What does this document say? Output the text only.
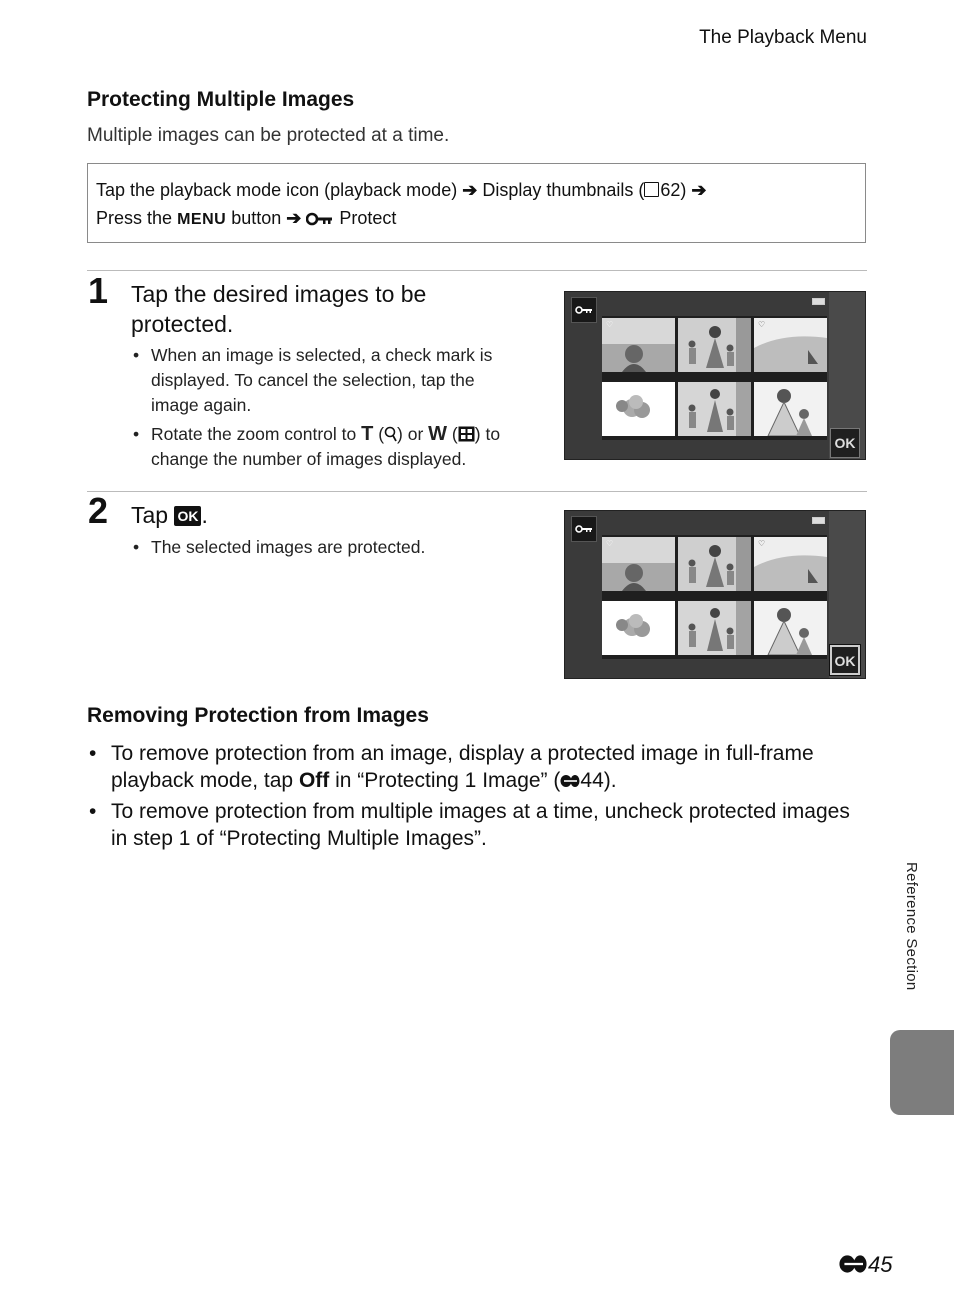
The Playback Menu
Protecting Multiple Images
Multiple images can be protected at a time.
Tap the playback mode icon (playback mode) ➔ Display thumbnails ( 62) ➔
Press the MENU button ➔ Protect
1 Tap the desired images to be protected.
• When an image is selected, a check mark is displayed. To cancel the selection, tap the image again.
• Rotate the zoom control to T ( ) or W ( ) to change the number of images displayed.
OK
♡	♡
2 Tap OK .
• The selected images are protected.
OK
♡	♡
Removing Protection from Images
• To remove protection from an image, display a protected image in full-frame playback mode, tap Off in “Protecting 1 Image” ( 44).
• To remove protection from multiple images at a time, uncheck protected images in step 1 of “Protecting Multiple Images”.
Reference Section
45
